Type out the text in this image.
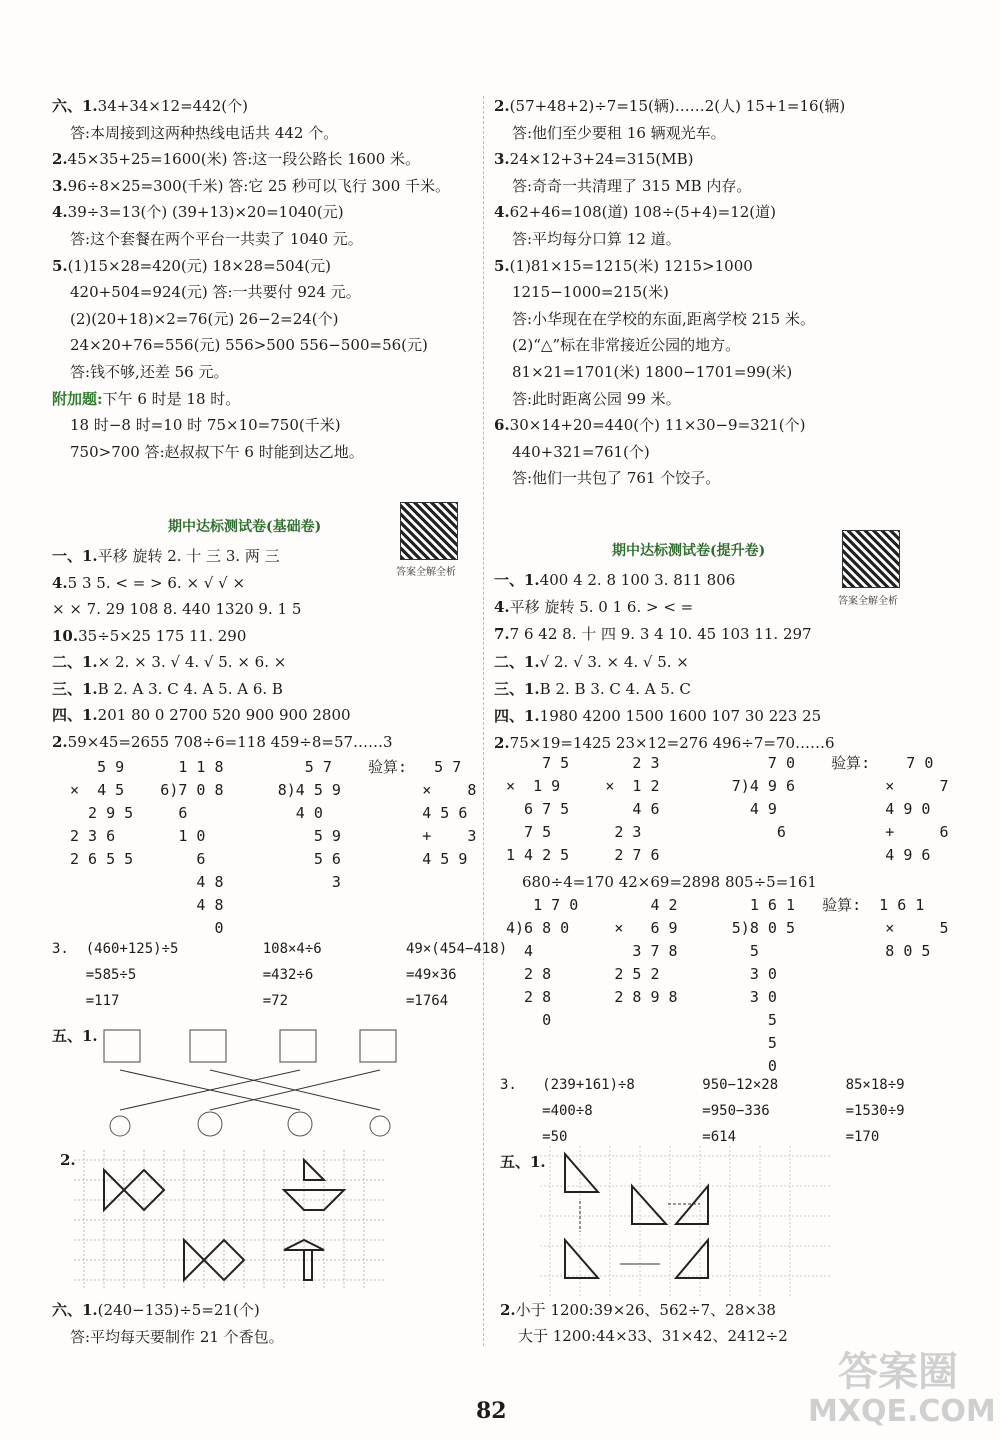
六、1.34+34×12=442(个)
答:本周接到这两种热线电话共 442 个。
2.45×35+25=1600(米) 答:这一段公路长 1600 米。
3.96÷8×25=300(千米) 答:它 25 秒可以飞行 300 千米。
4.39÷3=13(个) (39+13)×20=1040(元)
答:这个套餐在两个平台一共卖了 1040 元。
5.(1)15×28=420(元) 18×28=504(元)
420+504=924(元) 答:一共要付 924 元。
(2)(20+18)×2=76(元) 26−2=24(个)
24×20+76=556(元) 556>500 556−500=56(元)
答:钱不够,还差 56 元。
附加题:下午 6 时是 18 时。
18 时−8 时=10 时 75×10=750(千米)
750>700 答:赵叔叔下午 6 时能到达乙地。
2.(57+48+2)÷7=15(辆)……2(人) 15+1=16(辆)
答:他们至少要租 16 辆观光车。
3.24×12+3+24=315(MB)
答:奇奇一共清理了 315 MB 内存。
4.62+46=108(道) 108÷(5+4)=12(道)
答:平均每分口算 12 道。
5.(1)81×15=1215(米) 1215>1000
1215−1000=215(米)
答:小华现在在学校的东面,距离学校 215 米。
(2)“△”标在非常接近公园的地方。
81×21=1701(米) 1800−1701=99(米)
答:此时距离公园 99 米。
6.30×14+20=440(个) 11×30−9=321(个)
440+321=761(个)
答:他们一共包了 761 个饺子。
期中达标测试卷(基础卷)
答案全解全析
期中达标测试卷(提升卷)
答案全解全析
一、1.平移 旋转 2. 十 三 3. 两 三
4.5 3 5. < = > 6. × √ √ ×
× × 7. 29 108 8. 440 1320 9. 1 5
10.35÷5×25 175 11. 290
二、1.× 2. × 3. √ 4. √ 5. × 6. ×
三、1.B 2. A 3. C 4. A 5. A 6. B
四、1.201 80 0 2700 520 900 900 2800
2.59×45=2655 708÷6=118 459÷8=57……3
一、1.400 4 2. 8 100 3. 811 806
4.平移 旋转 5. 0 1 6. > < =
7.7 6 42 8. 十 四 9. 3 4 10. 45 103 11. 297
二、1.√ 2. √ 3. × 4. √ 5. ×
三、1.B 2. B 3. C 4. A 5. C
四、1.1980 4200 1500 1600 107 30 223 25
2.75×19=1425 23×12=276 496÷7=70……6
5 9      1 1 8         5 7    验算:   5 7
×  4 5    6)7 0 8      8)4 5 9         ×    8
2 9 5     6            4 0           4 5 6
2 3 6       1 0            5 9         +    3
2 6 5 5       6            5 6         4 5 9
4 8            3
4 8
0
7 5       2 3            7 0    验算:    7 0
×  1 9     ×  1 2        7)4 9 6          ×     7
6 7 5       4 6          4 9            4 9 0
7 5       2 3               6           +     6
1 4 2 5     2 7 6                         4 9 6
680÷4=170 42×69=2898 805÷5=161
1 7 0        4 2        1 6 1   验算:  1 6 1
4)6 8 0     ×   6 9      5)8 0 5          ×     5
4           3 7 8        5              8 0 5
2 8       2 5 2          3 0
2 8       2 8 9 8        3 0
0                        5
5
0
3.  (460+125)÷5          108×4÷6          49×(454−418)
=585÷5               =432÷6           =49×36
=117                 =72              =1764
3.   (239+161)÷8        950−12×28        85×18÷9
=400÷8             =950−336         =1530÷9
=50                =614             =170
五、1.
2.
六、1.(240−135)÷5=21(个)
答:平均每天要制作 21 个香包。
五、1.
2.小于 1200:39×26、562÷7、28×38
大于 1200:44×33、31×42、2412÷2
82
答案圈
MXQE.COM
